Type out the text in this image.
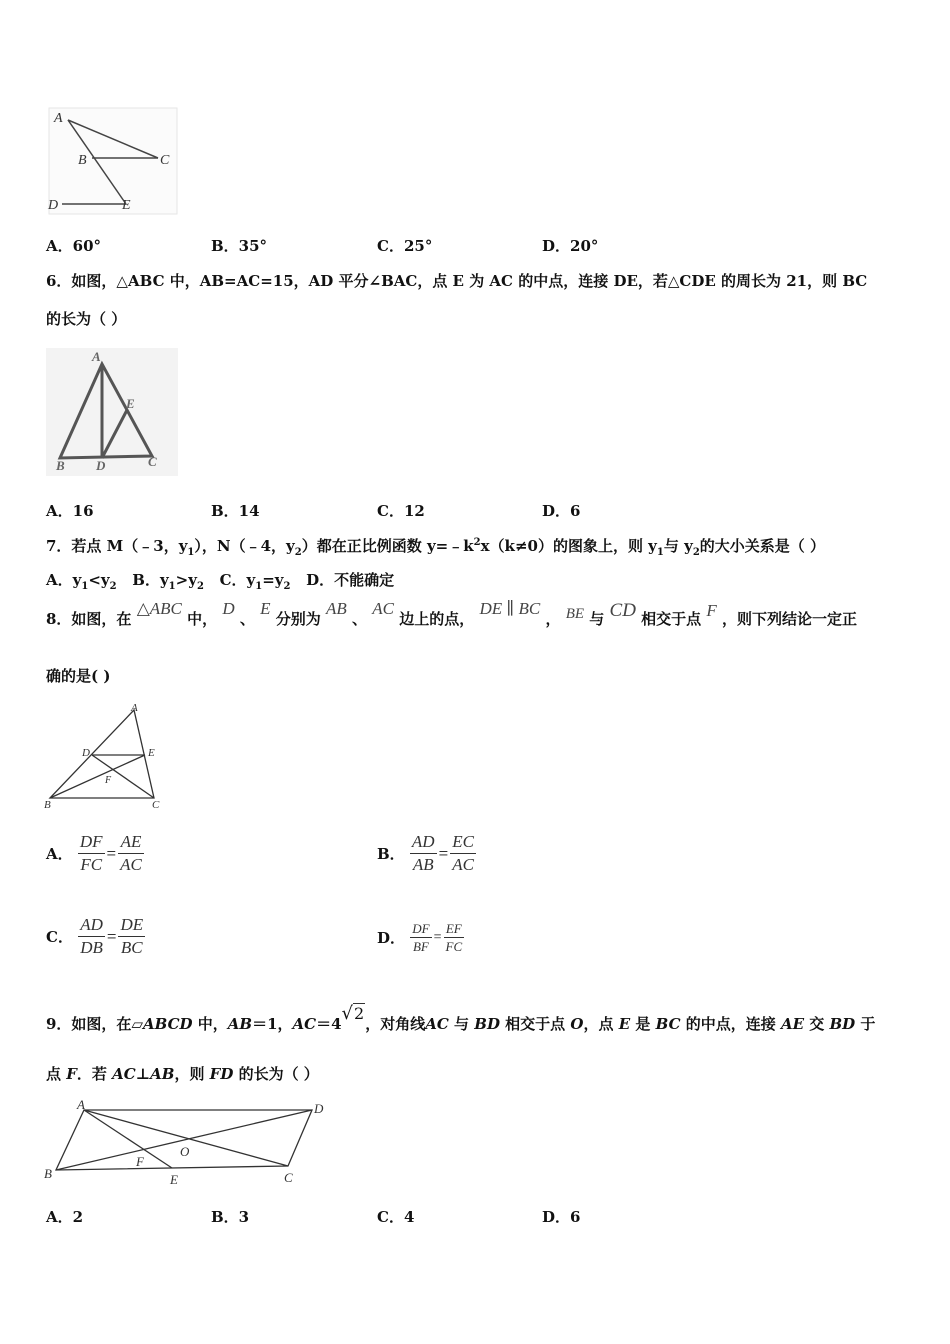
A
B	C
D	E
A．60°	B．35°	C．25°	D．20°
6．如图，△ABC 中，AB=AC=15，AD 平分∠BAC，点 E 为 AC 的中点，连接 DE，若△CDE 的周长为 21，则 BC
的长为（ ）
A
E
B D	C
A．16	B．14	C．12	D．6
7．若点 M（﹣3，$y_1$），N（﹣4，$y_2$）都在正比例函数 $y=﹣k^2x(k\ne 0)$的图象上，则 $y_1$与 $y_2$的大小关系是（ ）
A．$y_1<y_2$ B．$y_1>y_2$ C．$y_1=y_2$ D．不能确定
8．如图，在 △ABC 中， D 、 E 分别为 AB 、 AC 边上的点， DE ∥ BC ， BE 与 CD 相交于点 F ，则下列结论一定正
确的是( )
A
D	E
F
B	C
A． $\frac{DF}{FC} = \frac{AE}{AC}$	B． $\frac{AD}{AB} = \frac{EC}{AC}$
C． $\frac{AD}{DB} = \frac{DE}{BC}$	D． $\frac{DF}{BF} = \frac{EF}{FC}$
9．如图，在▱ABCD 中，AB＝1，AC＝4√2，对角线AC 与 BD 相交于点 O，点 E 是 BC 的中点，连接 AE 交 BD 于
点 F．若 AC⊥AB，则 FD 的长为（ ）
A	D
B
F
O
E	C
A．2	B．3	C．4	D．6
